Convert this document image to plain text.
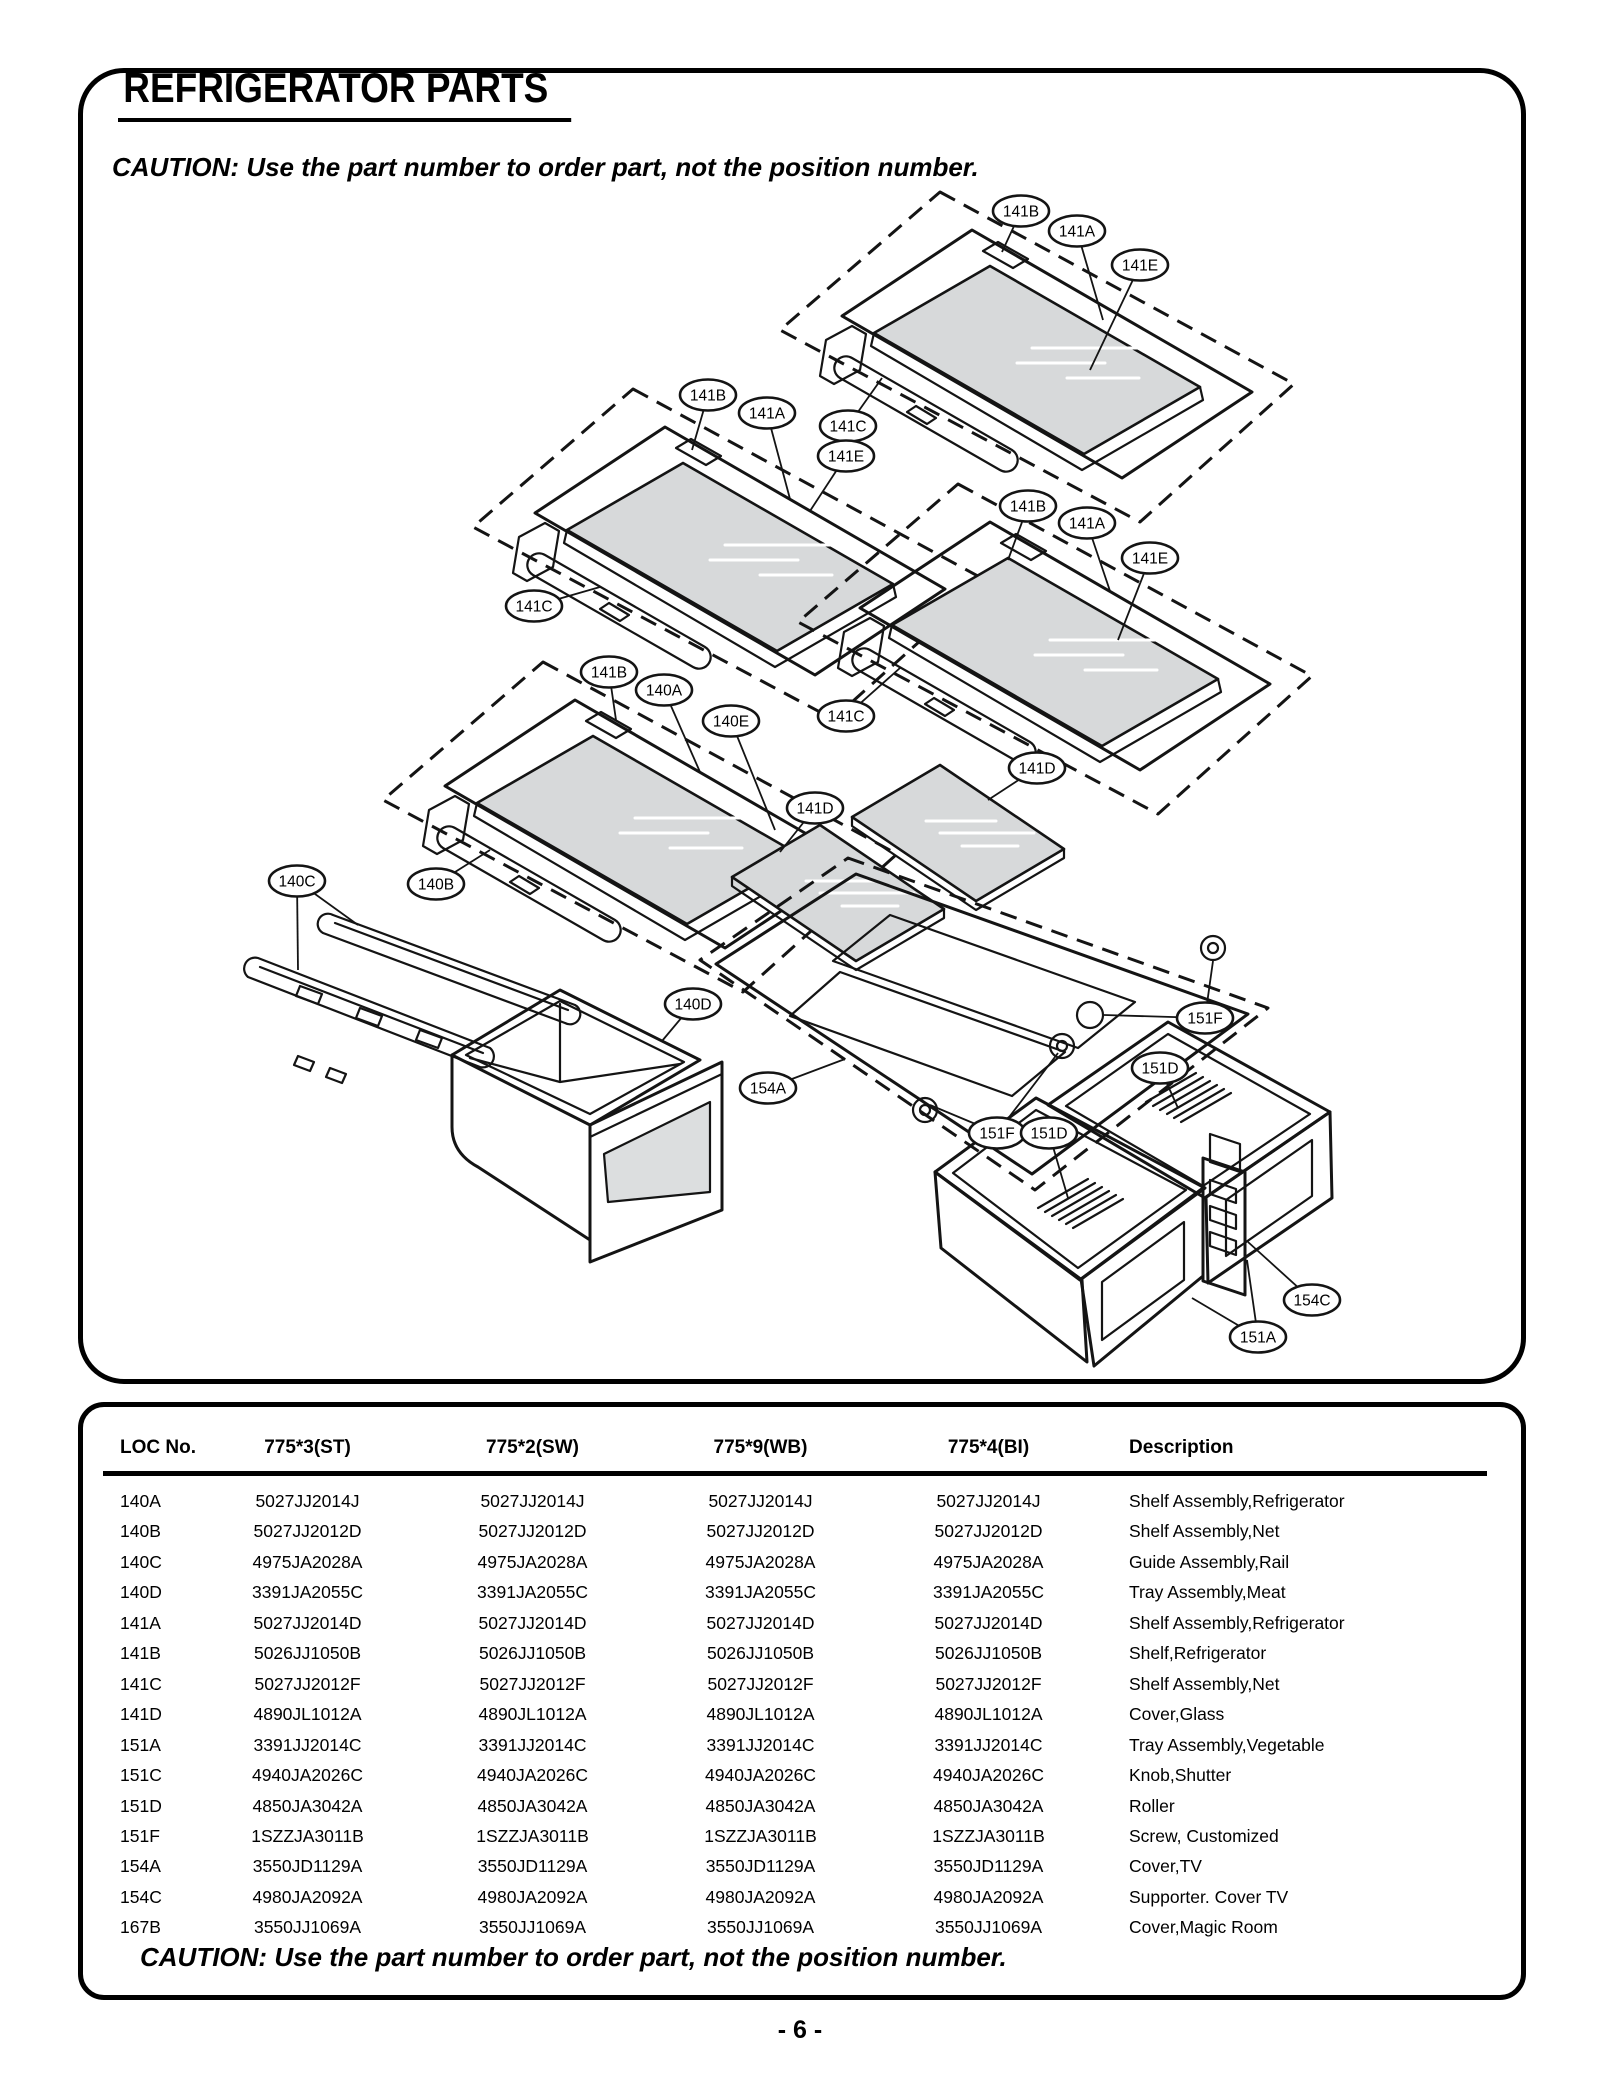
REFRIGERATOR PARTS
CAUTION: Use the part number to order part, not the position number.
141B
141A
141E
141C
141E
141B
141A
141C
141B
141A
141E
141C
141B
140A
140E
140B
140C
141D
141D
140D
154A
151F
151D
151F 151D
154C
151A
LOC No.	775*3(ST)	775*2(SW)	775*9(WB)	775*4(BI)	Description
140A	5027JJ2014J	5027JJ2014J	5027JJ2014J	5027JJ2014J	Shelf Assembly,Refrigerator
140B	5027JJ2012D	5027JJ2012D	5027JJ2012D	5027JJ2012D	Shelf Assembly,Net
140C	4975JA2028A	4975JA2028A	4975JA2028A	4975JA2028A	Guide Assembly,Rail
140D	3391JA2055C	3391JA2055C	3391JA2055C	3391JA2055C	Tray Assembly,Meat
141A	5027JJ2014D	5027JJ2014D	5027JJ2014D	5027JJ2014D	Shelf Assembly,Refrigerator
141B	5026JJ1050B	5026JJ1050B	5026JJ1050B	5026JJ1050B	Shelf,Refrigerator
141C	5027JJ2012F	5027JJ2012F	5027JJ2012F	5027JJ2012F	Shelf Assembly,Net
141D	4890JL1012A	4890JL1012A	4890JL1012A	4890JL1012A	Cover,Glass
151A	3391JJ2014C	3391JJ2014C	3391JJ2014C	3391JJ2014C	Tray Assembly,Vegetable
151C	4940JA2026C	4940JA2026C	4940JA2026C	4940JA2026C	Knob,Shutter
151D	4850JA3042A	4850JA3042A	4850JA3042A	4850JA3042A	Roller
151F	1SZZJA3011B	1SZZJA3011B	1SZZJA3011B	1SZZJA3011B	Screw, Customized
154A	3550JD1129A	3550JD1129A	3550JD1129A	3550JD1129A	Cover,TV
154C	4980JA2092A	4980JA2092A	4980JA2092A	4980JA2092A	Supporter. Cover TV
167B	3550JJ1069A	3550JJ1069A	3550JJ1069A	3550JJ1069A	Cover,Magic Room
CAUTION: Use the part number to order part, not the position number.
- 6 -
